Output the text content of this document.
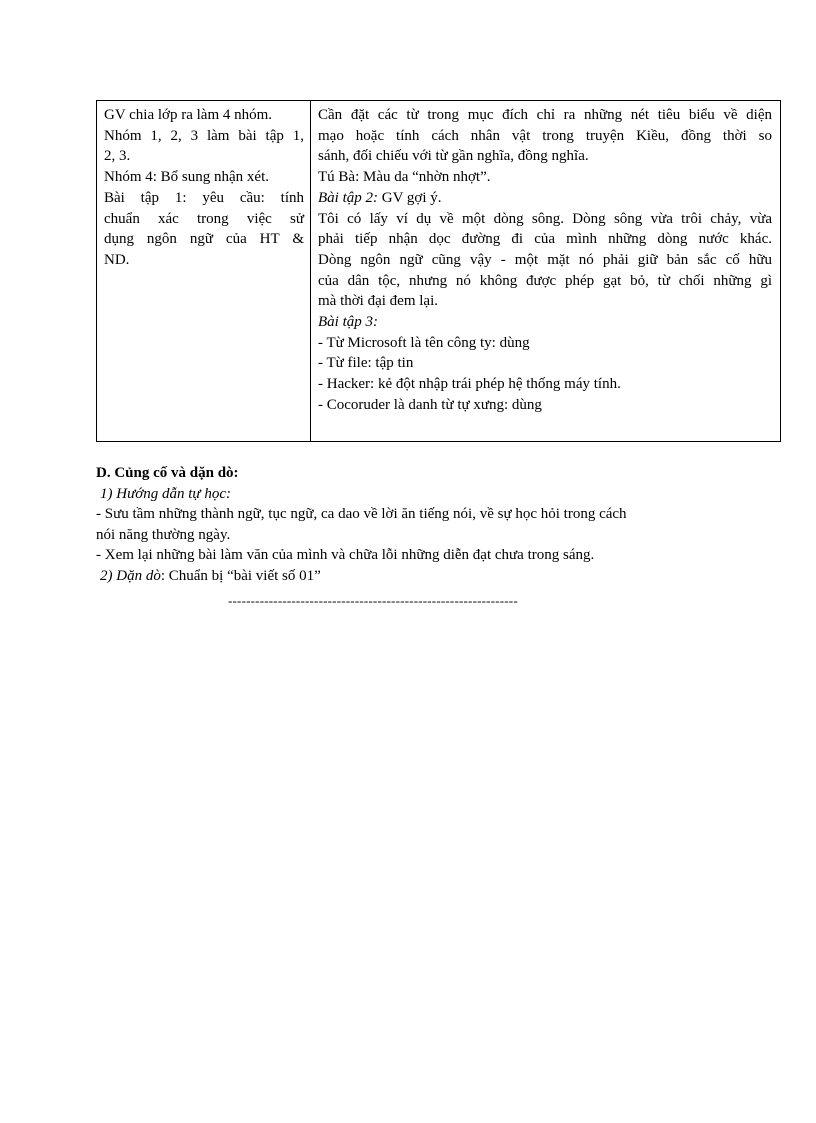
GV chia lớp ra làm 4 nhóm.
Nhóm 1, 2, 3 làm bài tập 1,
2, 3.
Nhóm 4: Bổ sung nhận xét.
Bài tập 1: yêu cầu: tính
chuẩn xác trong việc sử
dụng ngôn ngữ của HT &
ND.
Cần đặt các từ trong mục đích chỉ ra những nét tiêu biểu về diện
mạo hoặc tính cách nhân vật trong truyện Kiều, đồng thời so
sánh, đối chiếu với từ gần nghĩa, đồng nghĩa.
Tú Bà: Màu da “nhờn nhợt”.
Bài tập 2: GV gợi ý.
Tôi có lấy ví dụ về một dòng sông. Dòng sông vừa trôi chảy, vừa
phải tiếp nhận dọc đường đi của mình những dòng nước khác.
Dòng ngôn ngữ cũng vậy - một mặt nó phải giữ bản sắc cố hữu
của dân tộc, nhưng nó không được phép gạt bỏ, từ chối những gì
mà thời đại đem lại.
Bài tập 3:
- Từ Microsoft là tên công ty: dùng
- Từ file: tập tin
- Hacker: kẻ đột nhập trái phép hệ thống máy tính.
- Cocoruder là danh từ tự xưng: dùng
D. Củng cố và dặn dò:
1) Hướng dẫn tự học:
- Sưu tầm những thành ngữ, tục ngữ, ca dao về lời ăn tiếng nói, về sự học hỏi trong cách
nói năng thường ngày.
- Xem lại những bài làm văn của mình và chữa lỗi những diễn đạt chưa trong sáng.
2) Dặn dò: Chuẩn bị “bài viết số 01”
----------------------------------------------------------------
